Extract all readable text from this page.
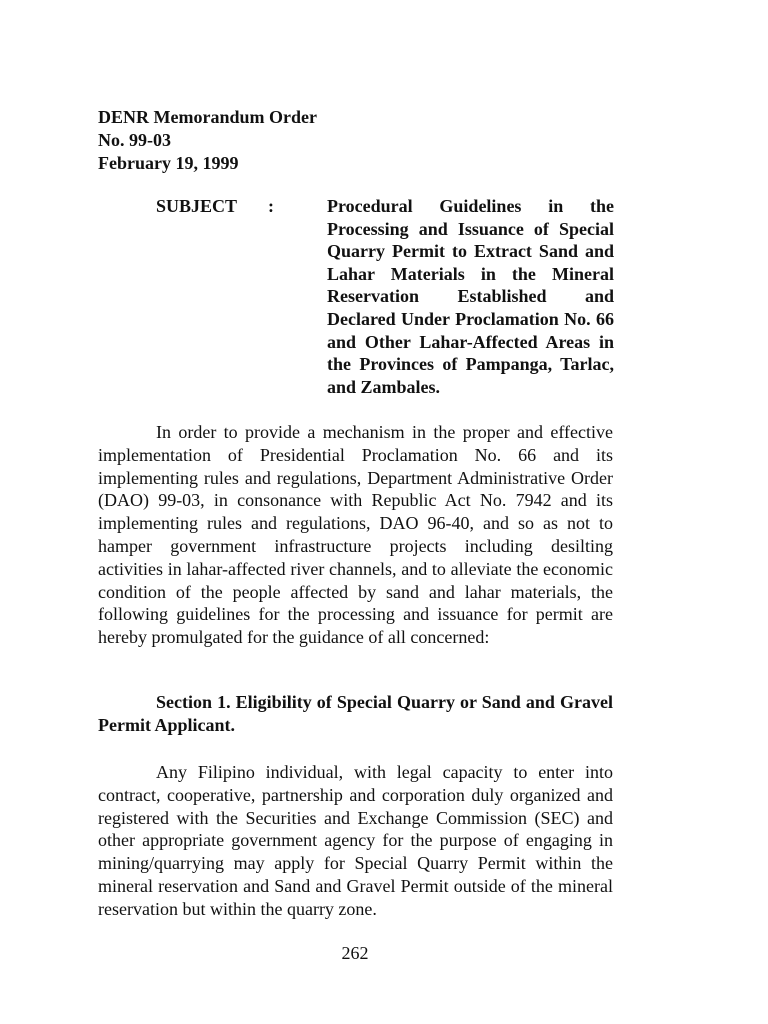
DENR Memorandum Order
No. 99-03
February 19, 1999
SUBJECT :	Procedural Guidelines in the Processing and Issuance of Special Quarry Permit to Extract Sand and Lahar Materials in the Mineral Reservation Established and Declared Under Proclamation No. 66 and Other Lahar-Affected Areas in the Provinces of Pampanga, Tarlac, and Zambales.
In order to provide a mechanism in the proper and effective implementation of Presidential Proclamation No. 66 and its implementing rules and regulations, Department Administrative Order (DAO) 99-03, in consonance with Republic Act No. 7942 and its implementing rules and regulations, DAO 96-40, and so as not to hamper government infrastructure projects including desilting activities in lahar-affected river channels, and to alleviate the economic condition of the people affected by sand and lahar materials, the following guidelines for the processing and issuance for permit are hereby promulgated for the guidance of all concerned:
Section 1. Eligibility of Special Quarry or Sand and Gravel Permit Applicant.
Any Filipino individual, with legal capacity to enter into contract, cooperative, partnership and corporation duly organized and registered with the Securities and Exchange Commission (SEC) and other appropriate government agency for the purpose of engaging in mining/quarrying may apply for Special Quarry Permit within the mineral reservation and Sand and Gravel Permit outside of the mineral reservation but within the quarry zone.
262
